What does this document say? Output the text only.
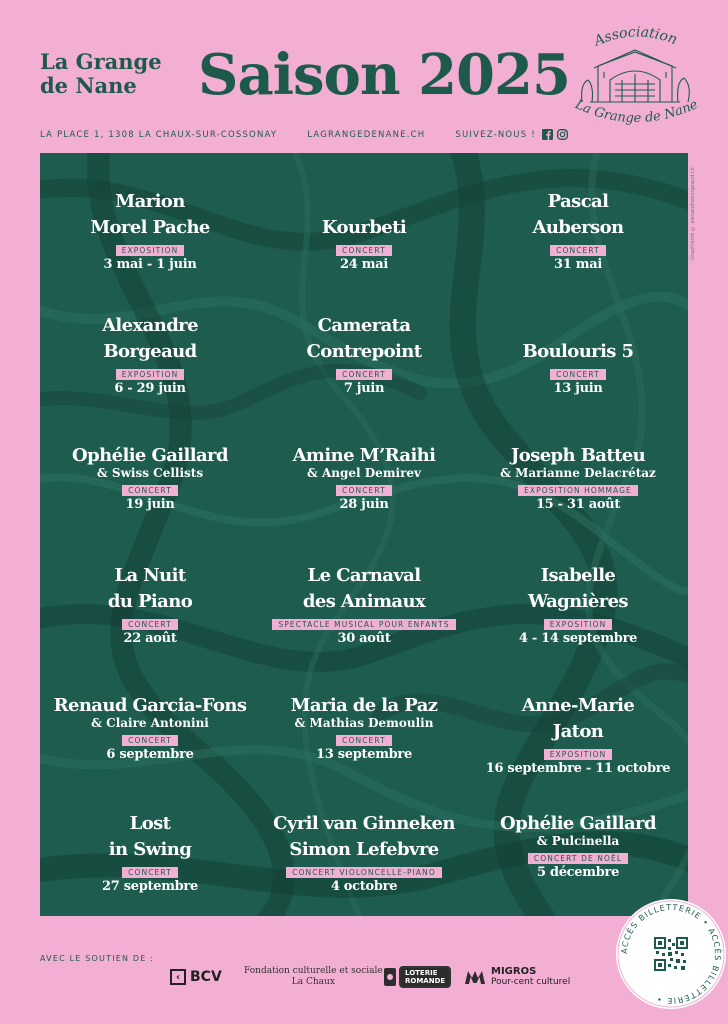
La Grange
de Nane	Saison 2025
Association
La Grange de Nane
LA PLACE 1, 1308 LA CHAUX-SUR-COSSONAY	LAGRANGEDENANE.CH	SUIVEZ-NOUS !
Graphisme © alexandreborgeaud.ch
Marion
Morel Pache
EXPOSITION
3 mai - 1 juin
Kourbeti
CONCERT
24 mai
Pascal
Auberson
CONCERT
31 mai
Alexandre
Borgeaud
EXPOSITION
6 - 29 juin
Camerata
Contrepoint
CONCERT
7 juin
Boulouris 5
CONCERT
13 juin
Ophélie Gaillard
& Swiss Cellists
CONCERT
19 juin
Amine M’Raihi
& Angel Demirev
CONCERT
28 juin
Joseph Batteu
& Marianne Delacrétaz
EXPOSITION HOMMAGE
15 - 31 août
La Nuit
du Piano
CONCERT
22 août
Le Carnaval
des Animaux
SPECTACLE MUSICAL POUR ENFANTS
30 août
Isabelle
Wagnières
EXPOSITION
4 - 14 septembre
Renaud Garcia-Fons
& Claire Antonini
CONCERT
6 septembre
Maria de la Paz
& Mathias Demoulin
CONCERT
13 septembre
Anne-Marie
Jaton
EXPOSITION
16 septembre - 11 octobre
Lost
in Swing
CONCERT
27 septembre
Cyril van Ginneken
Simon Lefebvre
CONCERT VIOLONCELLE-PIANO
4 octobre
Ophélie Gaillard
& Pulcinella
CONCERT DE NOËL
5 décembre
AVEC LE SOUTIEN DE :
‹ BCV Fondation culturelle et sociale
La Chaux
LOTERIE
ROMANDE
MIGROS
Pour-cent culturel
ACCÈS BILLETTERIE • ACCÈS BILLETTERIE •
